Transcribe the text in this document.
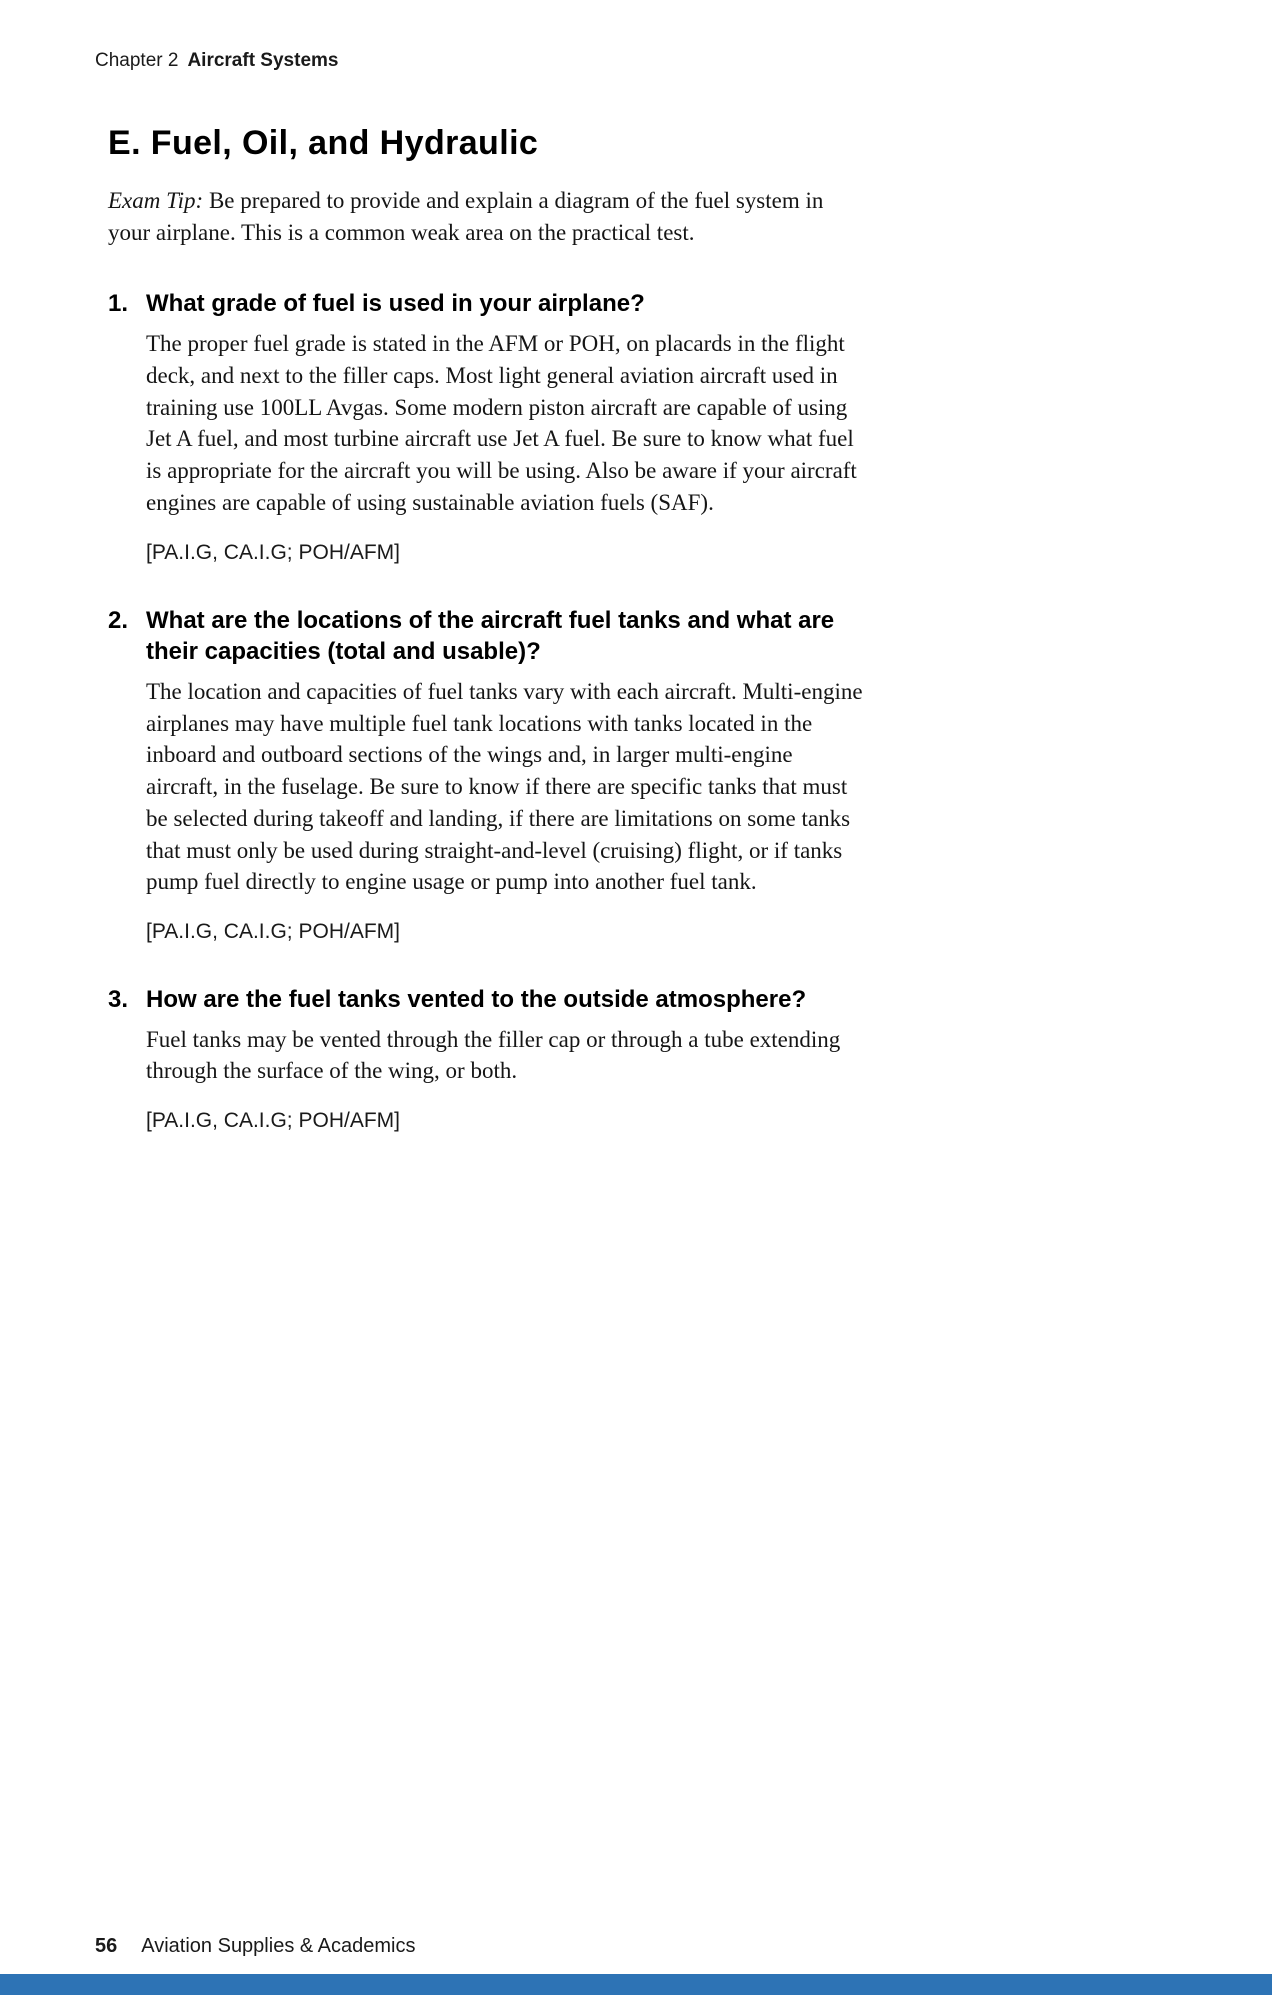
Chapter 2 Aircraft Systems
E. Fuel, Oil, and Hydraulic

Exam Tip: Be prepared to provide and explain a diagram of the fuel system in your airplane. This is a common weak area on the practical test.

1. What grade of fuel is used in your airplane?

The proper fuel grade is stated in the AFM or POH, on placards in the flight deck, and next to the filler caps. Most light general aviation aircraft used in training use 100LL Avgas. Some modern piston aircraft are capable of using Jet A fuel, and most turbine aircraft use Jet A fuel. Be sure to know what fuel is appropriate for the aircraft you will be using. Also be aware if your aircraft engines are capable of using sustainable aviation fuels (SAF).

[PA.I.G, CA.I.G; POH/AFM]

2. What are the locations of the aircraft fuel tanks and what are their capacities (total and usable)?

The location and capacities of fuel tanks vary with each aircraft. Multi-engine airplanes may have multiple fuel tank locations with tanks located in the inboard and outboard sections of the wings and, in larger multi-engine aircraft, in the fuselage. Be sure to know if there are specific tanks that must be selected during takeoff and landing, if there are limitations on some tanks that must only be used during straight-and-level (cruising) flight, or if tanks pump fuel directly to engine usage or pump into another fuel tank.

[PA.I.G, CA.I.G; POH/AFM]

3. How are the fuel tanks vented to the outside atmosphere?

Fuel tanks may be vented through the filler cap or through a tube extending through the surface of the wing, or both.

[PA.I.G, CA.I.G; POH/AFM]

56 Aviation Supplies & Academics
